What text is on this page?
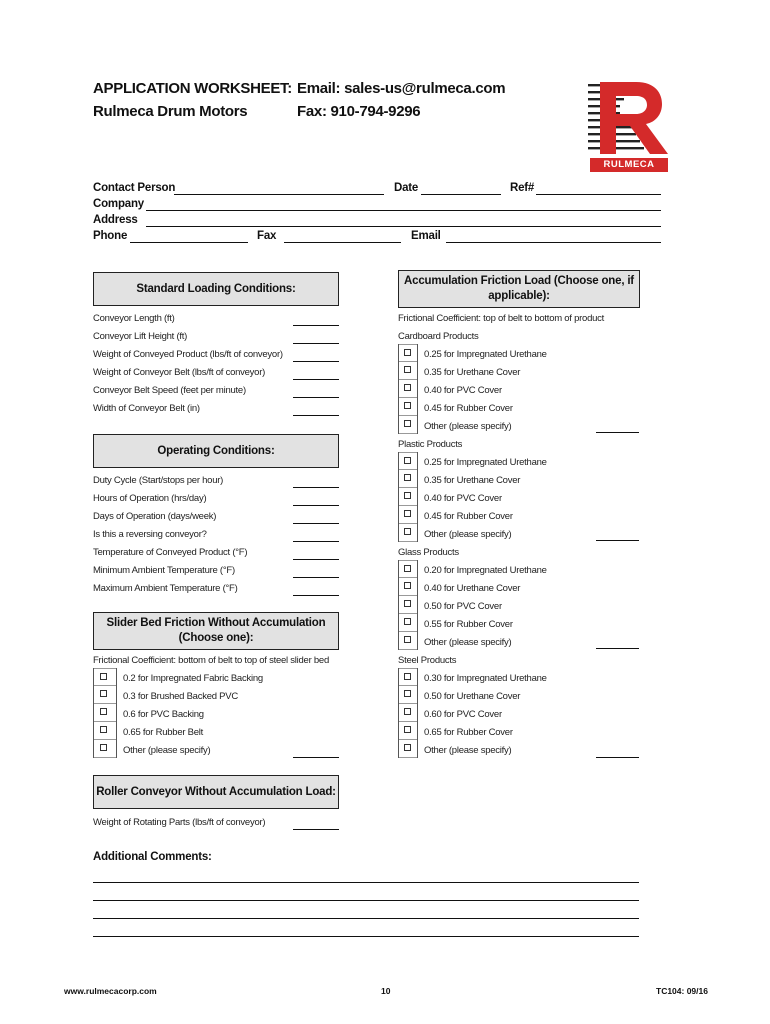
APPLICATION WORKSHEET:
Rulmeca Drum Motors
Email: sales-us@rulmeca.com
Fax: 910-794-9296
RULMECA
Contact Person	Date	Ref#
Company
Address
Phone	Fax	Email
Standard Loading Conditions:
Conveyor Length (ft)
Conveyor Lift Height (ft)
Weight of Conveyed Product (lbs/ft of conveyor)
Weight of Conveyor Belt (lbs/ft of conveyor)
Conveyor Belt Speed (feet per minute)
Width of Conveyor Belt (in)
Operating Conditions:
Duty Cycle (Start/stops per hour)
Hours of Operation (hrs/day)
Days of Operation (days/week)
Is this a reversing conveyor?
Temperature of Conveyed Product (°F)
Minimum Ambient Temperature (°F)
Maximum Ambient Temperature (°F)
Slider Bed Friction Without Accumulation
(Choose one):
Frictional Coefficient: bottom of belt to top of steel slider bed
0.2 for Impregnated Fabric Backing
0.3 for Brushed Backed PVC
0.6 for PVC Backing
0.65 for Rubber Belt
Other (please specify)
Roller Conveyor Without Accumulation Load:
Weight of Rotating Parts (lbs/ft of conveyor)
Additional Comments:
Accumulation Friction Load (Choose one, if
applicable):
Frictional Coefficient: top of belt to bottom of product
Cardboard Products
0.25 for Impregnated Urethane
0.35 for Urethane Cover
0.40 for PVC Cover
0.45 for Rubber Cover
Other (please specify)
Plastic Products
0.25 for Impregnated Urethane
0.35 for Urethane Cover
0.40 for PVC Cover
0.45 for Rubber Cover
Other (please specify)
Glass Products
0.20 for Impregnated Urethane
0.40 for Urethane Cover
0.50 for PVC Cover
0.55 for Rubber Cover
Other (please specify)
Steel Products
0.30 for Impregnated Urethane
0.50 for Urethane Cover
0.60 for PVC Cover
0.65 for Rubber Cover
Other (please specify)
www.rulmecacorp.com	10	TC104: 09/16
